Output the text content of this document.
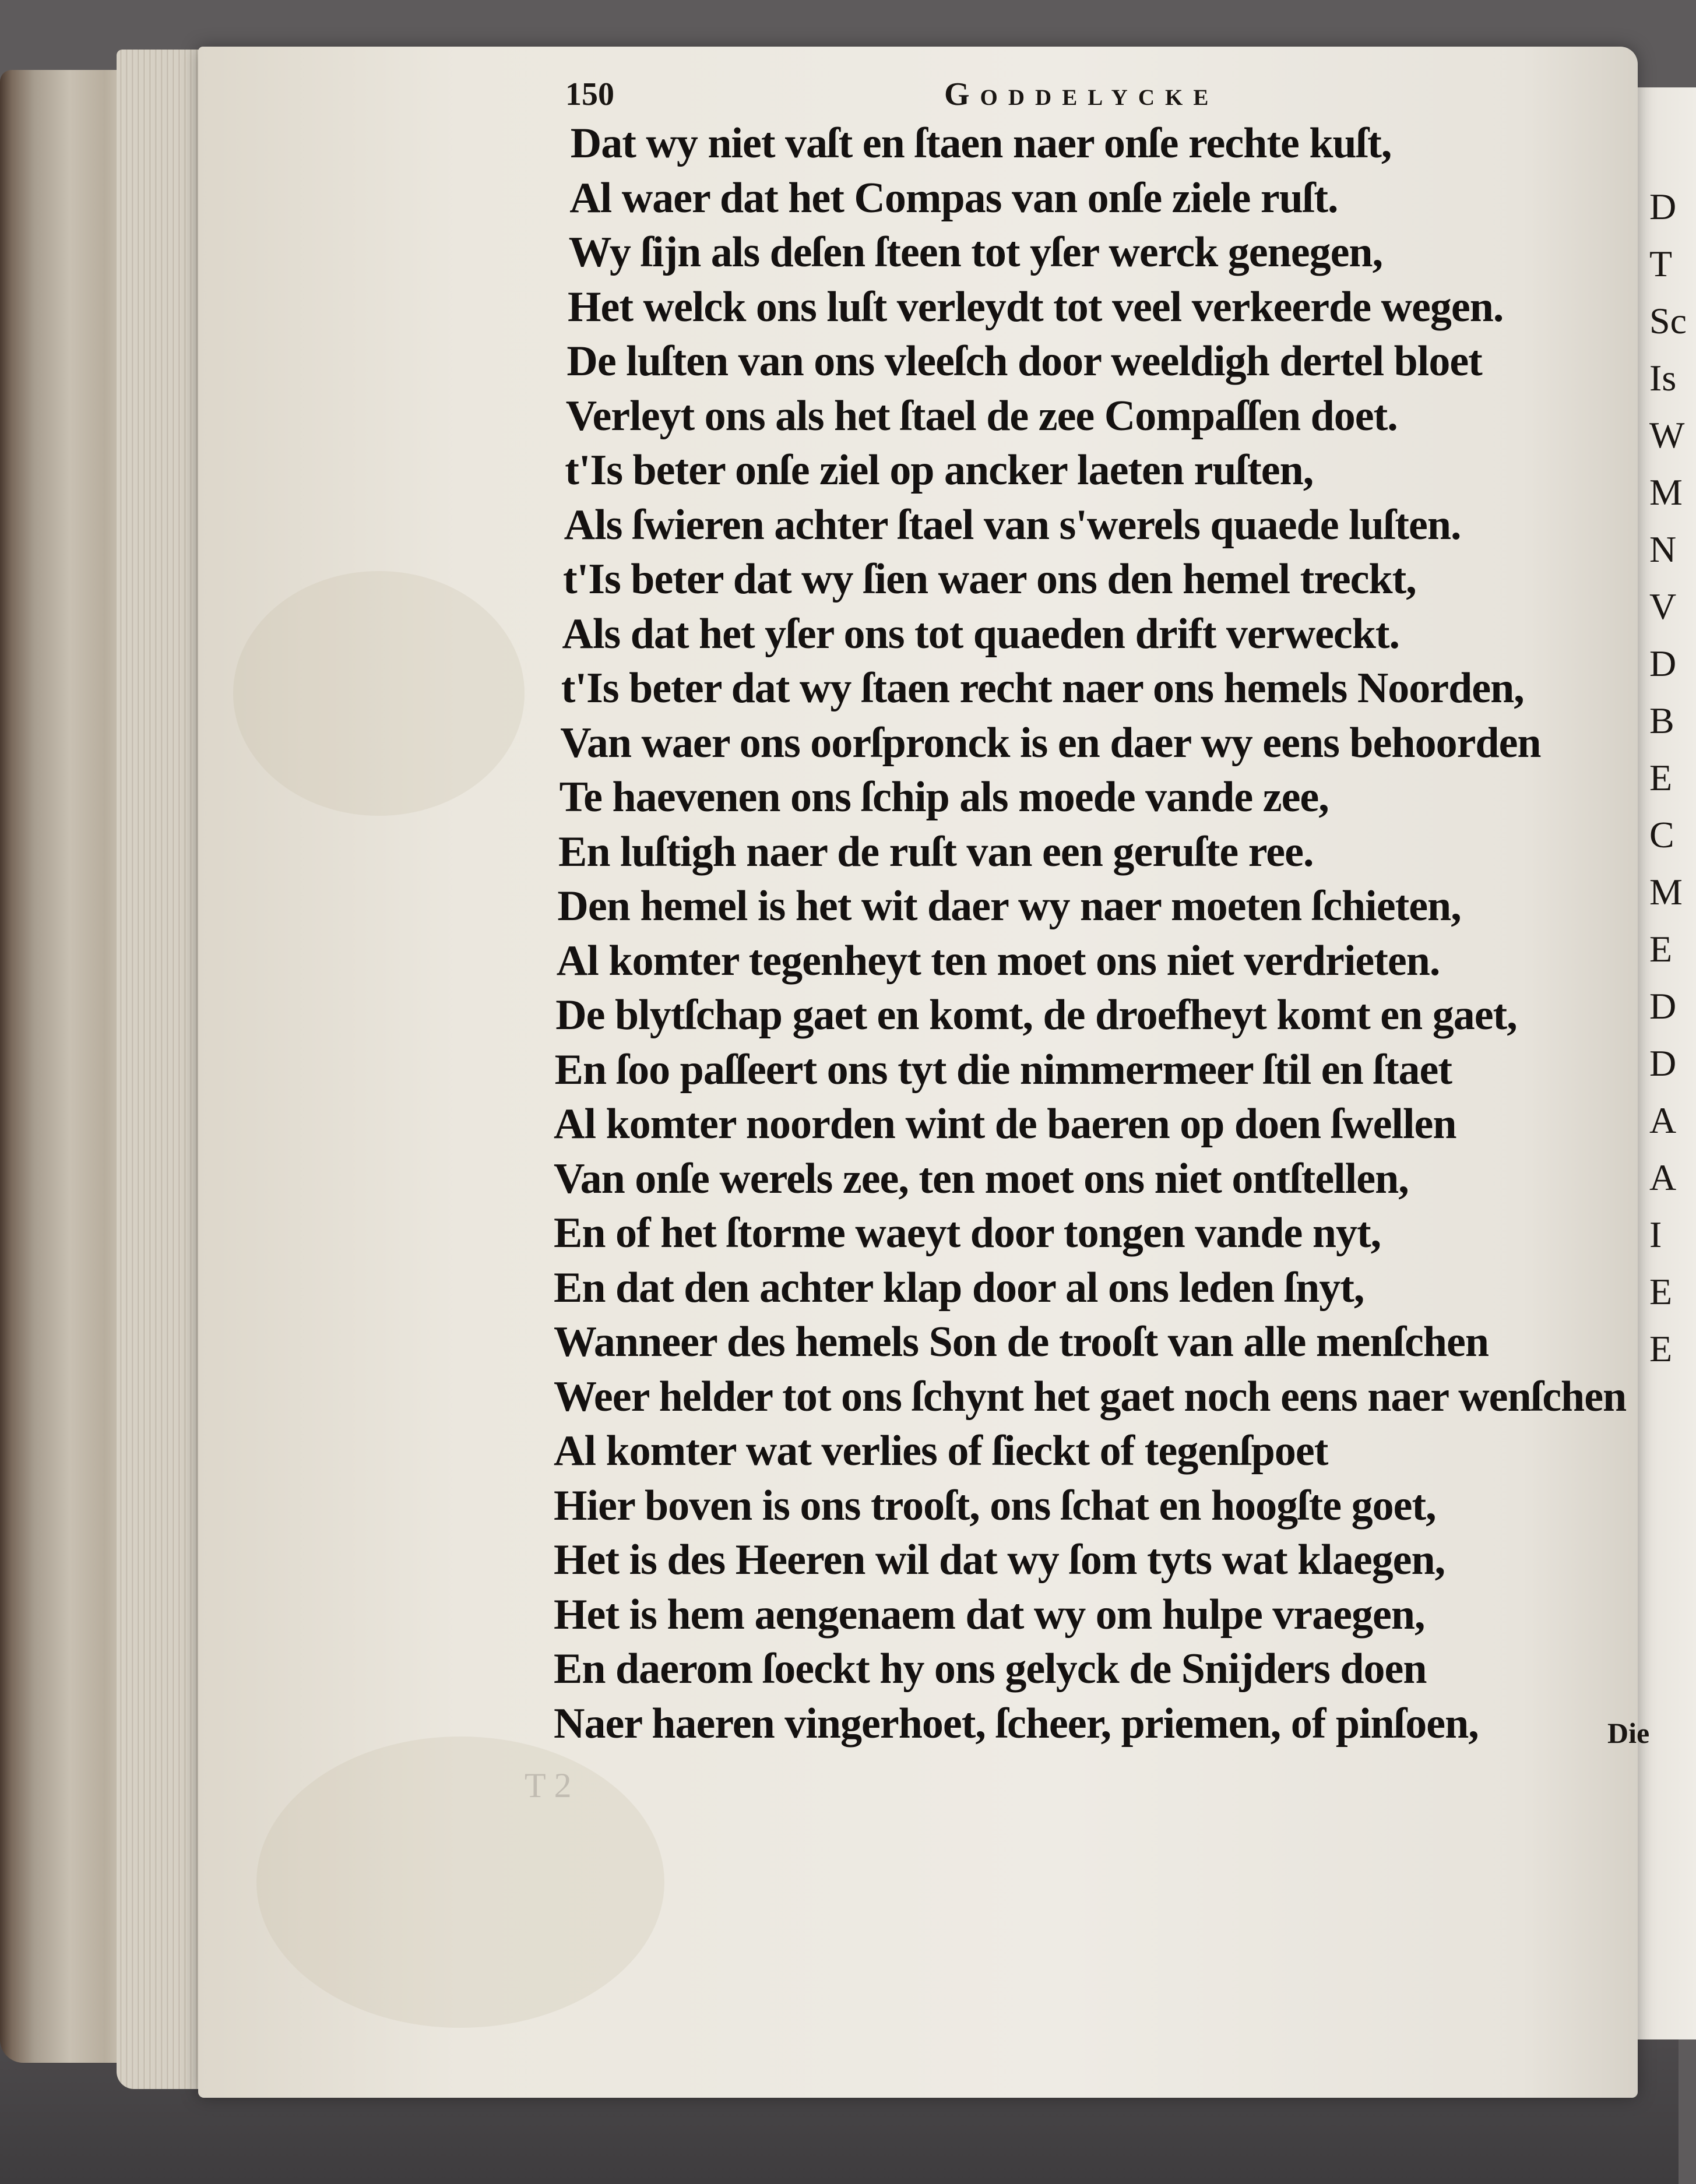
D
T
Sc
Is
W
M
N
V
D
B
E
C
M
E
D
D
A
A
I
E
E
150	Goddelycke
Dat wy niet vaſt en ſtaen naer onſe rechte kuſt,
Al waer dat het Compas van onſe ziele ruſt.
Wy ſijn als deſen ſteen tot yſer werck genegen,
Het welck ons luſt verleydt tot veel verkeerde wegen.
De luſten van ons vleeſch door weeldigh dertel bloet
Verleyt ons als het ſtael de zee Compaſſen doet.
t'Is beter onſe ziel op ancker laeten ruſten,
Als ſwieren achter ſtael van s'werels quaede luſten.
t'Is beter dat wy ſien waer ons den hemel treckt,
Als dat het yſer ons tot quaeden drift verweckt.
t'Is beter dat wy ſtaen recht naer ons hemels Noorden,
Van waer ons oorſpronck is en daer wy eens behoorden
Te haevenen ons ſchip als moede vande zee,
En luſtigh naer de ruſt van een geruſte ree.
Den hemel is het wit daer wy naer moeten ſchieten,
Al komter tegenheyt ten moet ons niet verdrieten.
De blytſchap gaet en komt, de droefheyt komt en gaet,
En ſoo paſſeert ons tyt die nimmermeer ſtil en ſtaet
Al komter noorden wint de baeren op doen ſwellen
Van onſe werels zee, ten moet ons niet ontſtellen,
En of het ſtorme waeyt door tongen vande nyt,
En dat den achter klap door al ons leden ſnyt,
Wanneer des hemels Son de trooſt van alle menſchen
Weer helder tot ons ſchynt het gaet noch eens naer wenſchen
Al komter wat verlies of ſieckt of tegenſpoet
Hier boven is ons trooſt, ons ſchat en hoogſte goet,
Het is des Heeren wil dat wy ſom tyts wat klaegen,
Het is hem aengenaem dat wy om hulpe vraegen,
En daerom ſoeckt hy ons gelyck de Snijders doen
Naer haeren vingerhoet, ſcheer, priemen, of pinſoen,	Die
T 2
